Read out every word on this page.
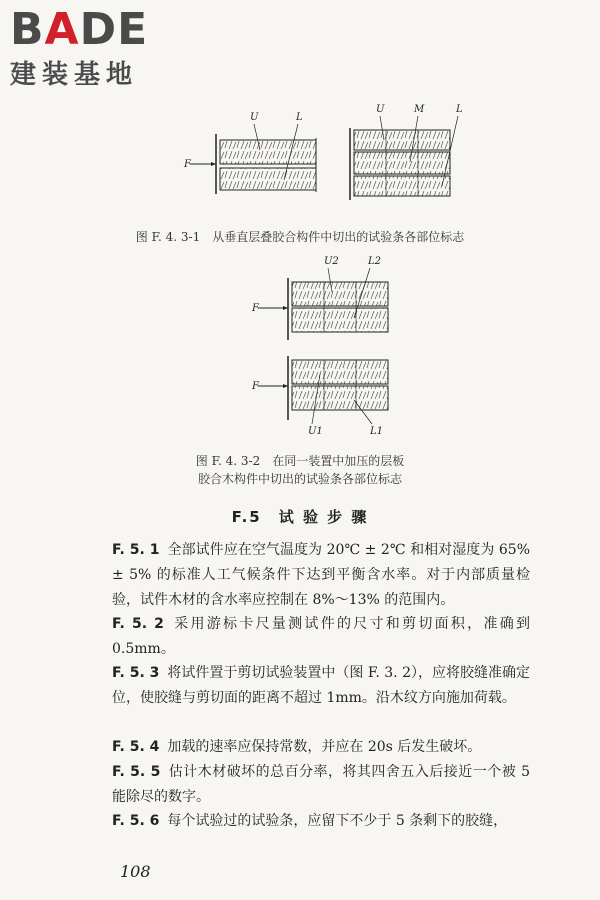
BADE
建装基地
F
U	L
U	M	L
图 F. 4. 3-1　从垂直层叠胶合构件中切出的试验条各部位标志
F
U2	L2
F
U1	L1
图 F. 4. 3-2　在同一装置中加压的层板
胶合木构件中切出的试验条各部位标志
F.5　试 验 步 骤
F. 5. 1 全部试件应在空气温度为 20℃ ± 2℃ 和相对湿度为 65% ± 5% 的标准人工气候条件下达到平衡含水率。对于内部质量检验，试件木材的含水率应控制在 8%～13% 的范围内。
F. 5. 2 采用游标卡尺量测试件的尺寸和剪切面积，准确到 0.5mm。
F. 5. 3 将试件置于剪切试验装置中（图 F. 3. 2），应将胶缝准确定位，使胶缝与剪切面的距离不超过 1mm。沿木纹方向施加荷载。
F. 5. 4 加载的速率应保持常数，并应在 20s 后发生破坏。
F. 5. 5 估计木材破坏的总百分率，将其四舍五入后接近一个被 5 能除尽的数字。
F. 5. 6 每个试验过的试验条，应留下不少于 5 条剩下的胶缝，
108
